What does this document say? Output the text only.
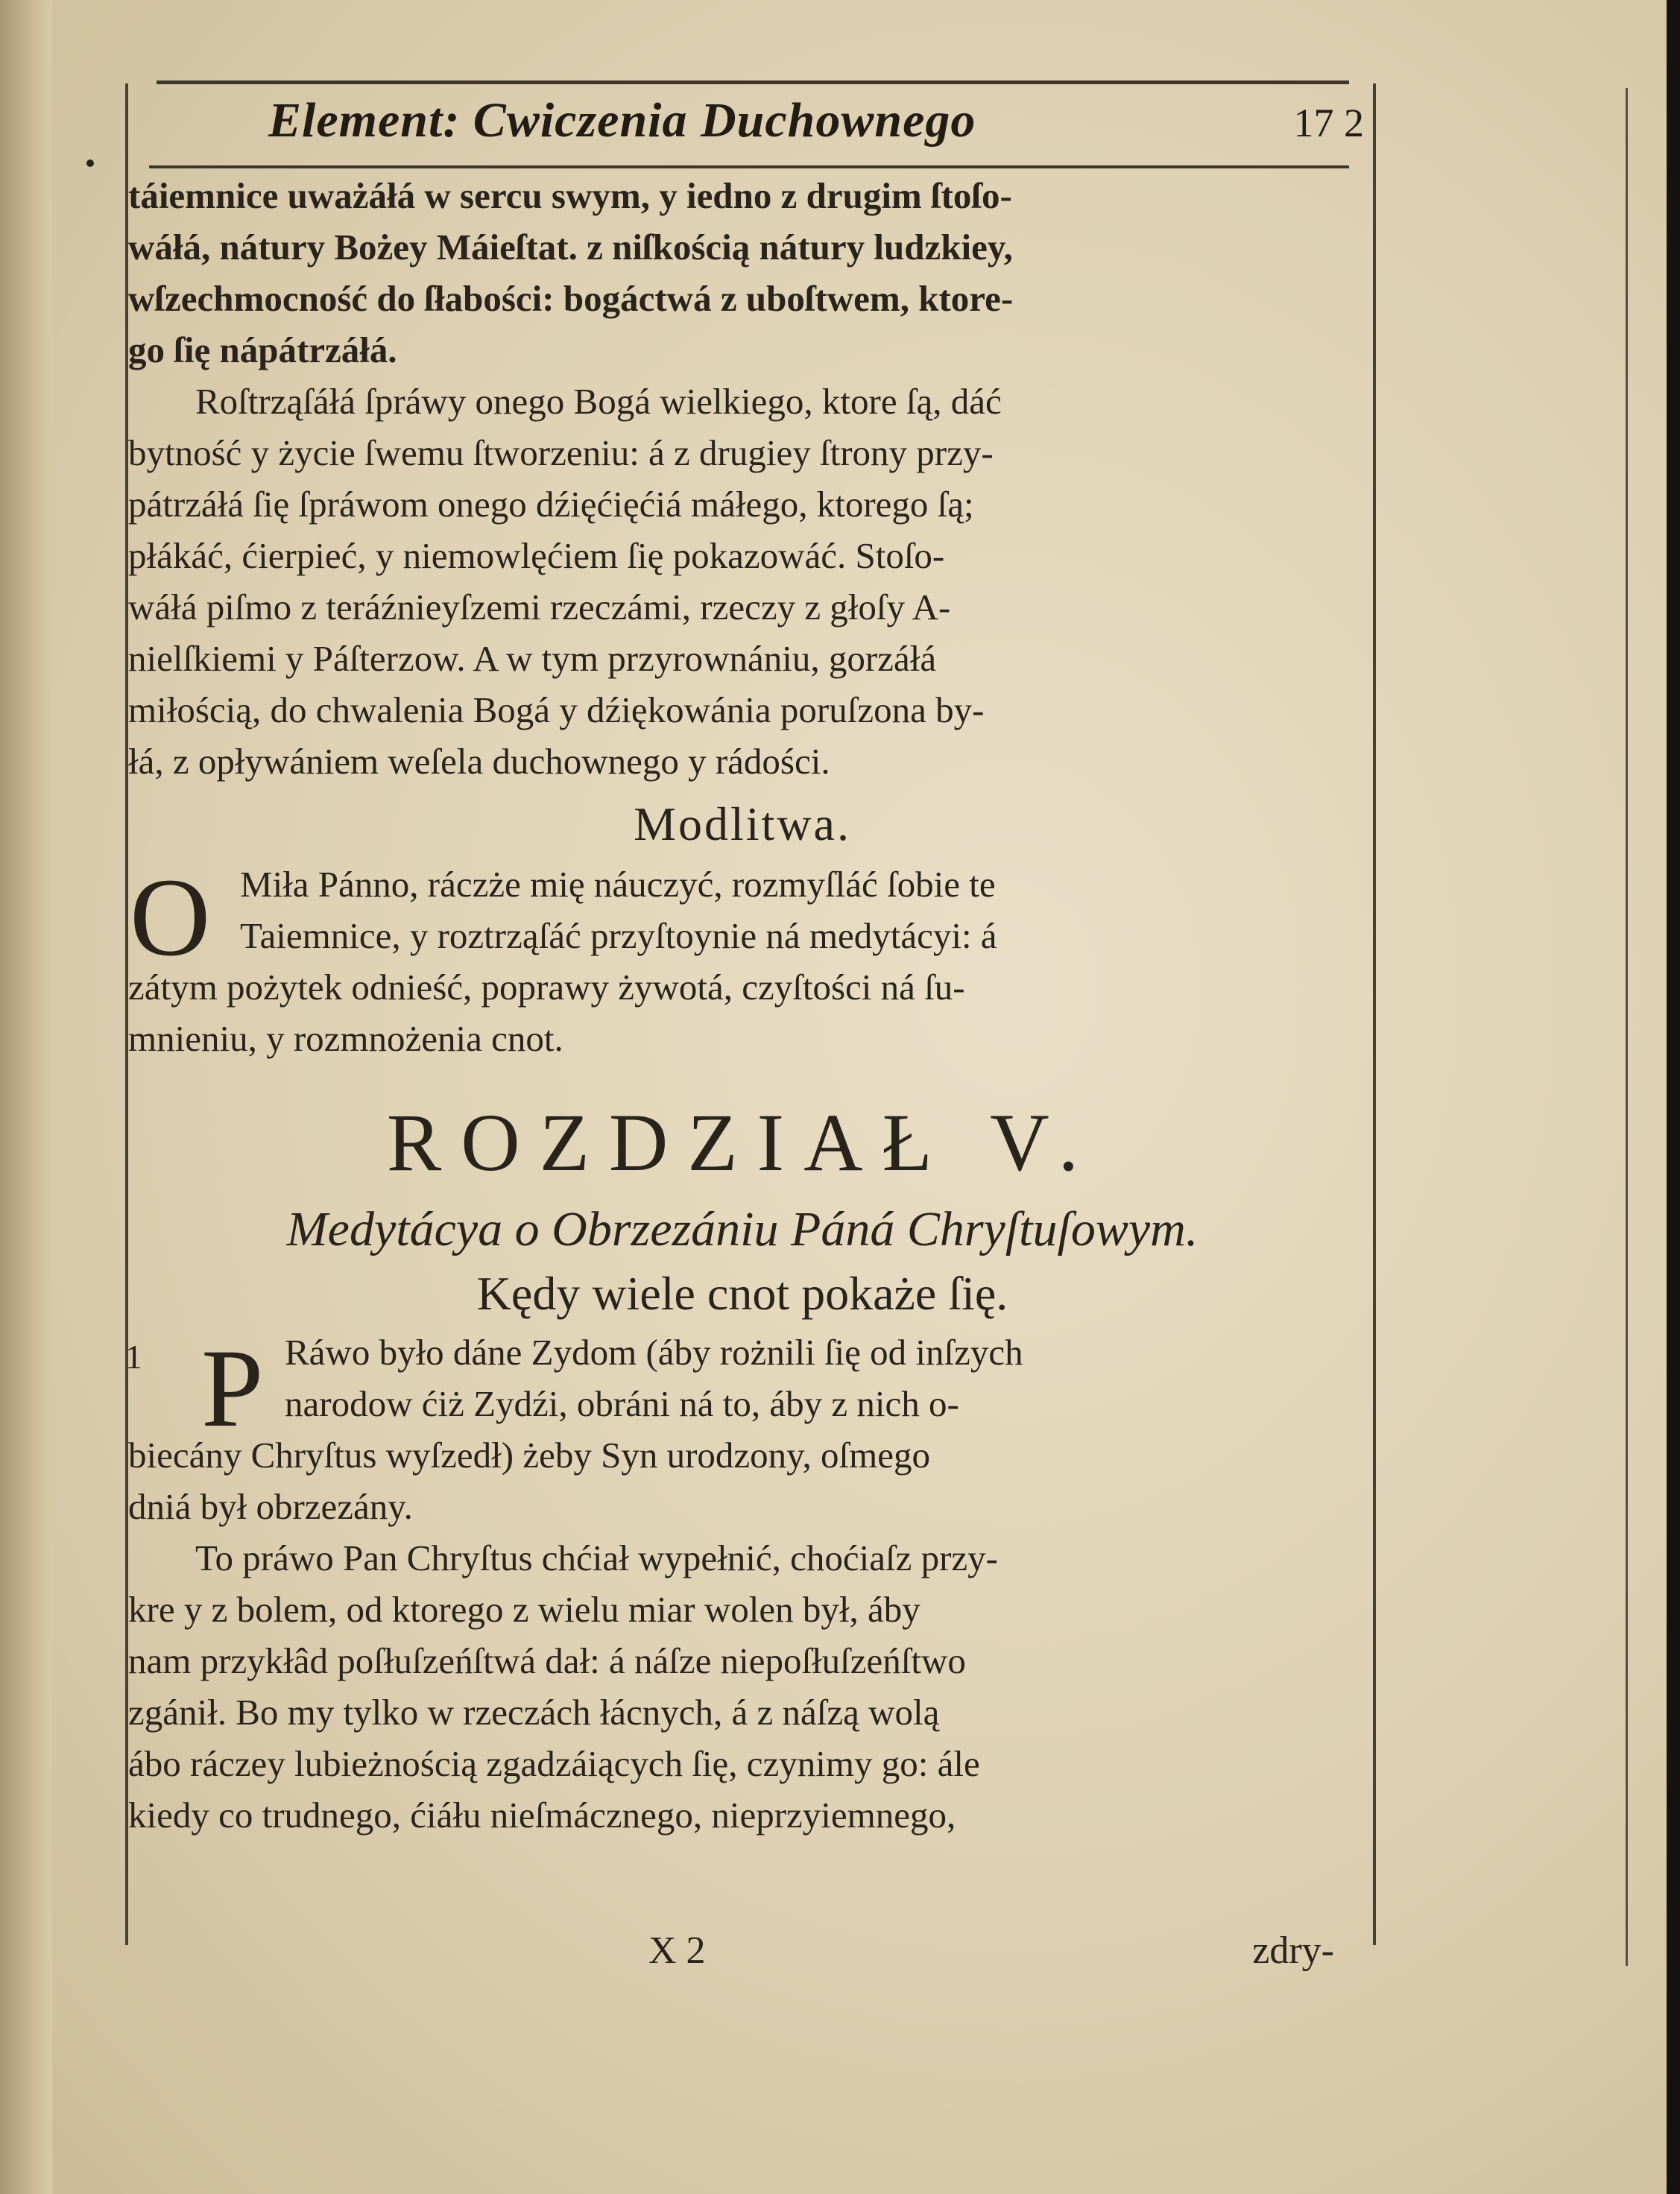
Element: Cwiczenia Duchownego	17 2

táiemnice uważáłá w sercu swym, y iedno z drugim ſtoſo-
wáłá, nátury Bożey Máieſtat. z niſkością nátury ludzkiey,
wſzechmocność do ſłabości: bogáctwá z uboſtwem, ktore-
go ſię nápátrzáłá.

Roſtrząſáłá ſpráwy onego Bogá wielkiego, ktore ſą, dáć
bytność y życie ſwemu ſtworzeniu: á z drugiey ſtrony przy-
pátrzáłá ſię ſpráwom onego dźięćięćiá máłego, ktorego ſą;
płákáć, ćierpieć, y niemowlęćiem ſię pokazowáć. Stoſo-
wáłá piſmo z teráźnieyſzemi rzeczámi, rzeczy z głoſy A-
nielſkiemi y Páſterzow. A w tym przyrownániu, gorzáłá
miłością, do chwalenia Bogá y dźiękowánia poruſzona by-
łá, z opływániem weſela duchownego y rádości.

Modlitwa.
O Miła Pánno, ráczże mię náuczyć, rozmyſláć ſobie te
Taiemnice, y roztrząſáć przyſtoynie ná medytácyi: á
zátym pożytek odnieść, poprawy żywotá, czyſtości ná ſu-
mnieniu, y rozmnożenia cnot.

ROZDZIAŁ V.
Medytácya o Obrzezániu Páná Chryſtuſowym.
Kędy wiele cnot pokaże ſię.
1 P Ráwo było dáne Zydom (áby rożnili ſię od inſzych
narodow ćiż Zydźi, obráni ná to, áby z nich o-
biecány Chryſtus wyſzedł) żeby Syn urodzony, oſmego
dniá był obrzezány.

To práwo Pan Chryſtus chćiał wypełnić, choćiaſz przy-
kre y z bolem, od ktorego z wielu miar wolen był, áby
nam przykłâd poſłuſzeńſtwá dał: á náſze niepoſłuſzeńſtwo
zgánił. Bo my tylko w rzeczách łácnych, á z náſzą wolą
ábo ráczey lubieżnością zgadzáiących ſię, czynimy go: ále
kiedy co trudnego, ćiáłu nieſmácznego, nieprzyiemnego,

X 2	zdry-
